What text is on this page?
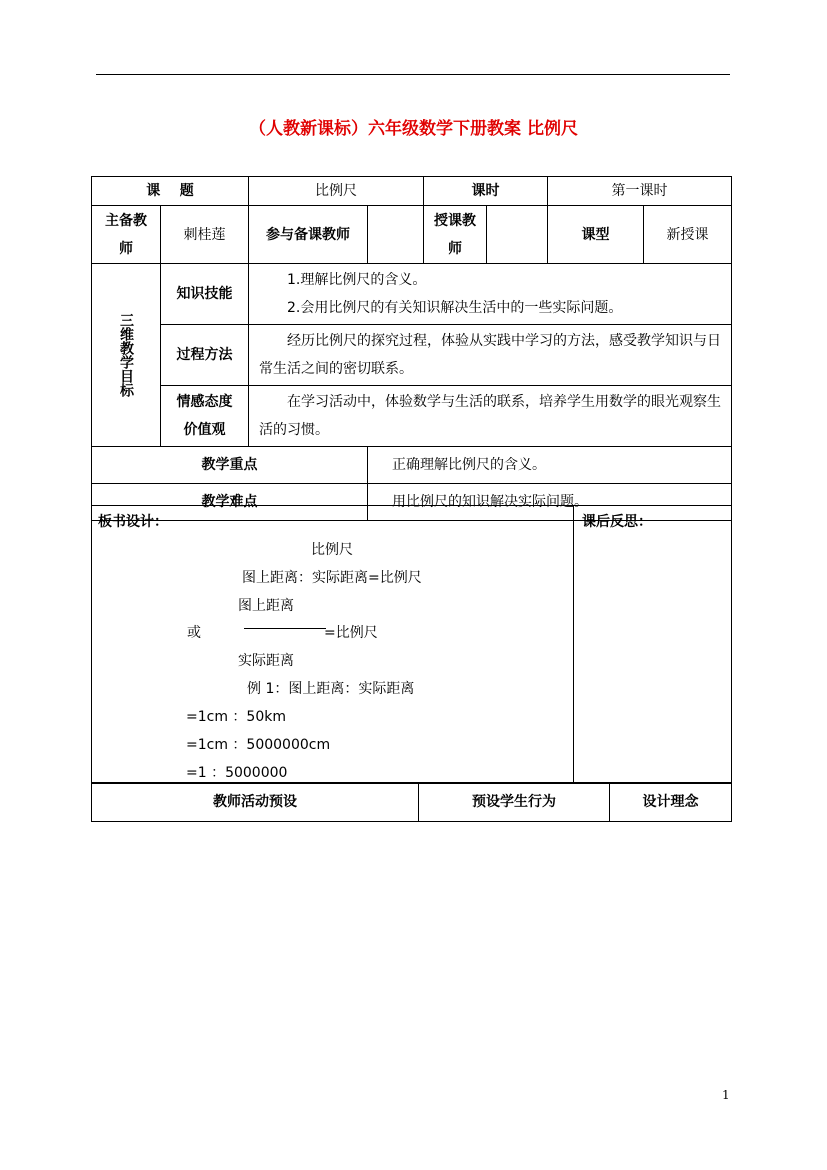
（人教新课标）六年级数学下册教案 比例尺
课    题		比例尺		课时		第一课时	
主备教师	刺桂莲	参与备课教师		授课教师		课型	新授课

三维教学目标	知识技能	1.理解比例尺的含义。
2.会用比例尺的有关知识解决生活中的一些实际问题。					

	过程方法	经历比例尺的探究过程，体验从实践中学习的方法，感受教学知识与日常生活之间的密切联系。					
	情感态度价值观	在学习活动中，体验数学与生活的联系，培养学生用数学的眼光观察生活的习惯。					
教学重点			正确理解比例尺的含义。				
教学难点			用比例尺的知识解决实际问题。				
板书设计：
比例尺
图上距离：实际距离=比例尺
图上距离
或	=比例尺
实际距离
例 1：图上距离：实际距离
=1cm ：50km
=1cm ：5000000cm
=1 ：5000000

课后反思：
教师活动预设	预设学生行为	设计理念
1
